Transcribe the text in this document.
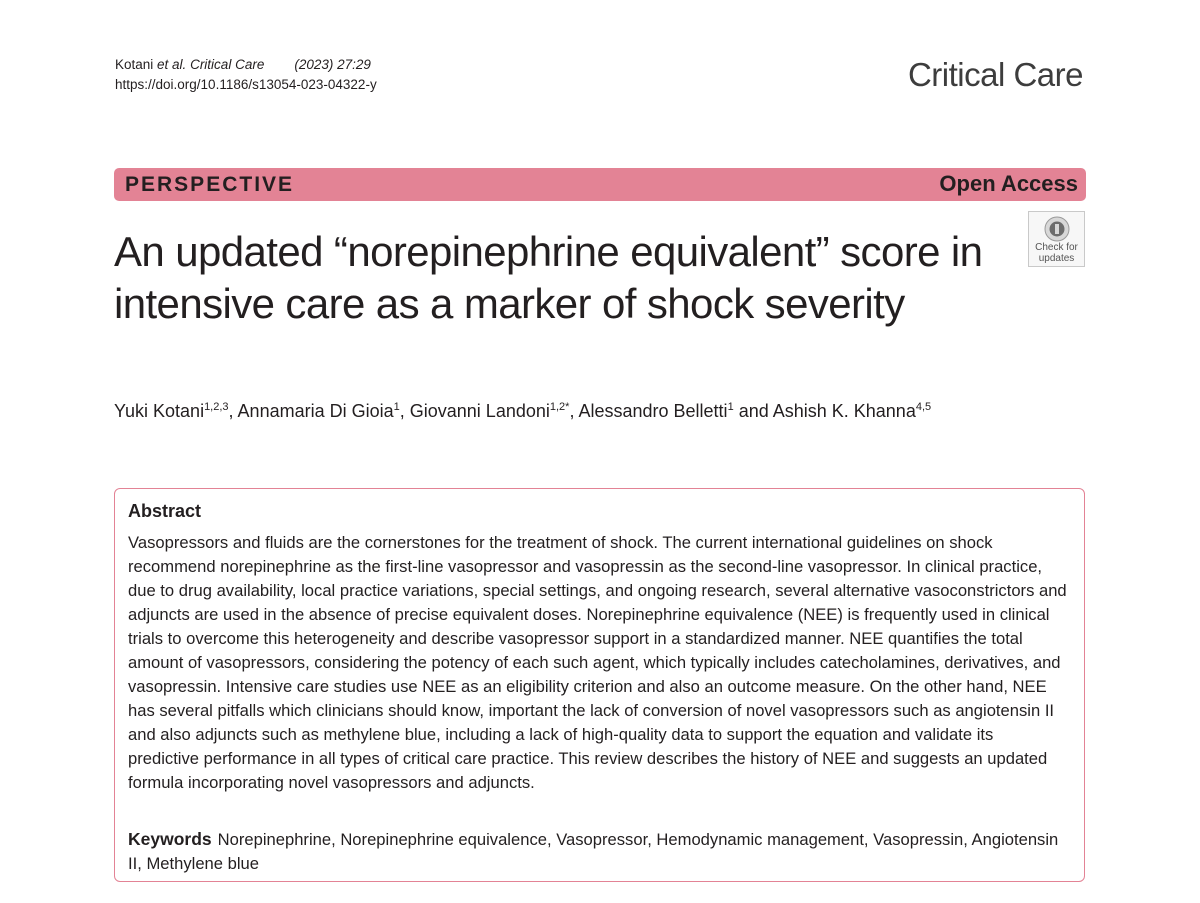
Kotani et al. Critical Care (2023) 27:29
https://doi.org/10.1186/s13054-023-04322-y	Critical Care
PERSPECTIVE	Open Access
Check for
updates
An updated “norepinephrine equivalent” score in intensive care as a marker of shock severity
Yuki Kotani$^{1,2,3}$, Annamaria Di Gioia$^1$, Giovanni Landoni$^{1,2*}$, Alessandro Belletti$^1$ and Ashish K. Khanna$^{4,5}$
Abstract

Vasopressors and fluids are the cornerstones for the treatment of shock. The current international guidelines on shock recommend norepinephrine as the first-line vasopressor and vasopressin as the second-line vasopressor. In clinical practice, due to drug availability, local practice variations, special settings, and ongoing research, several alternative vasoconstrictors and adjuncts are used in the absence of precise equivalent doses. Norepinephrine equivalence (NEE) is frequently used in clinical trials to overcome this heterogeneity and describe vasopressor support in a standardized manner. NEE quantifies the total amount of vasopressors, considering the potency of each such agent, which typically includes catecholamines, derivatives, and vasopressin. Intensive care studies use NEE as an eligibility criterion and also an outcome measure. On the other hand, NEE has several pitfalls which clinicians should know, important the lack of conversion of novel vasopressors such as angiotensin II and also adjuncts such as methylene blue, including a lack of high-quality data to support the equation and validate its predictive performance in all types of critical care practice. This review describes the history of NEE and suggests an updated formula incorporating novel vasopressors and adjuncts.

Keywords Norepinephrine, Norepinephrine equivalence, Vasopressor, Hemodynamic management, Vasopressin, Angiotensin II, Methylene blue
